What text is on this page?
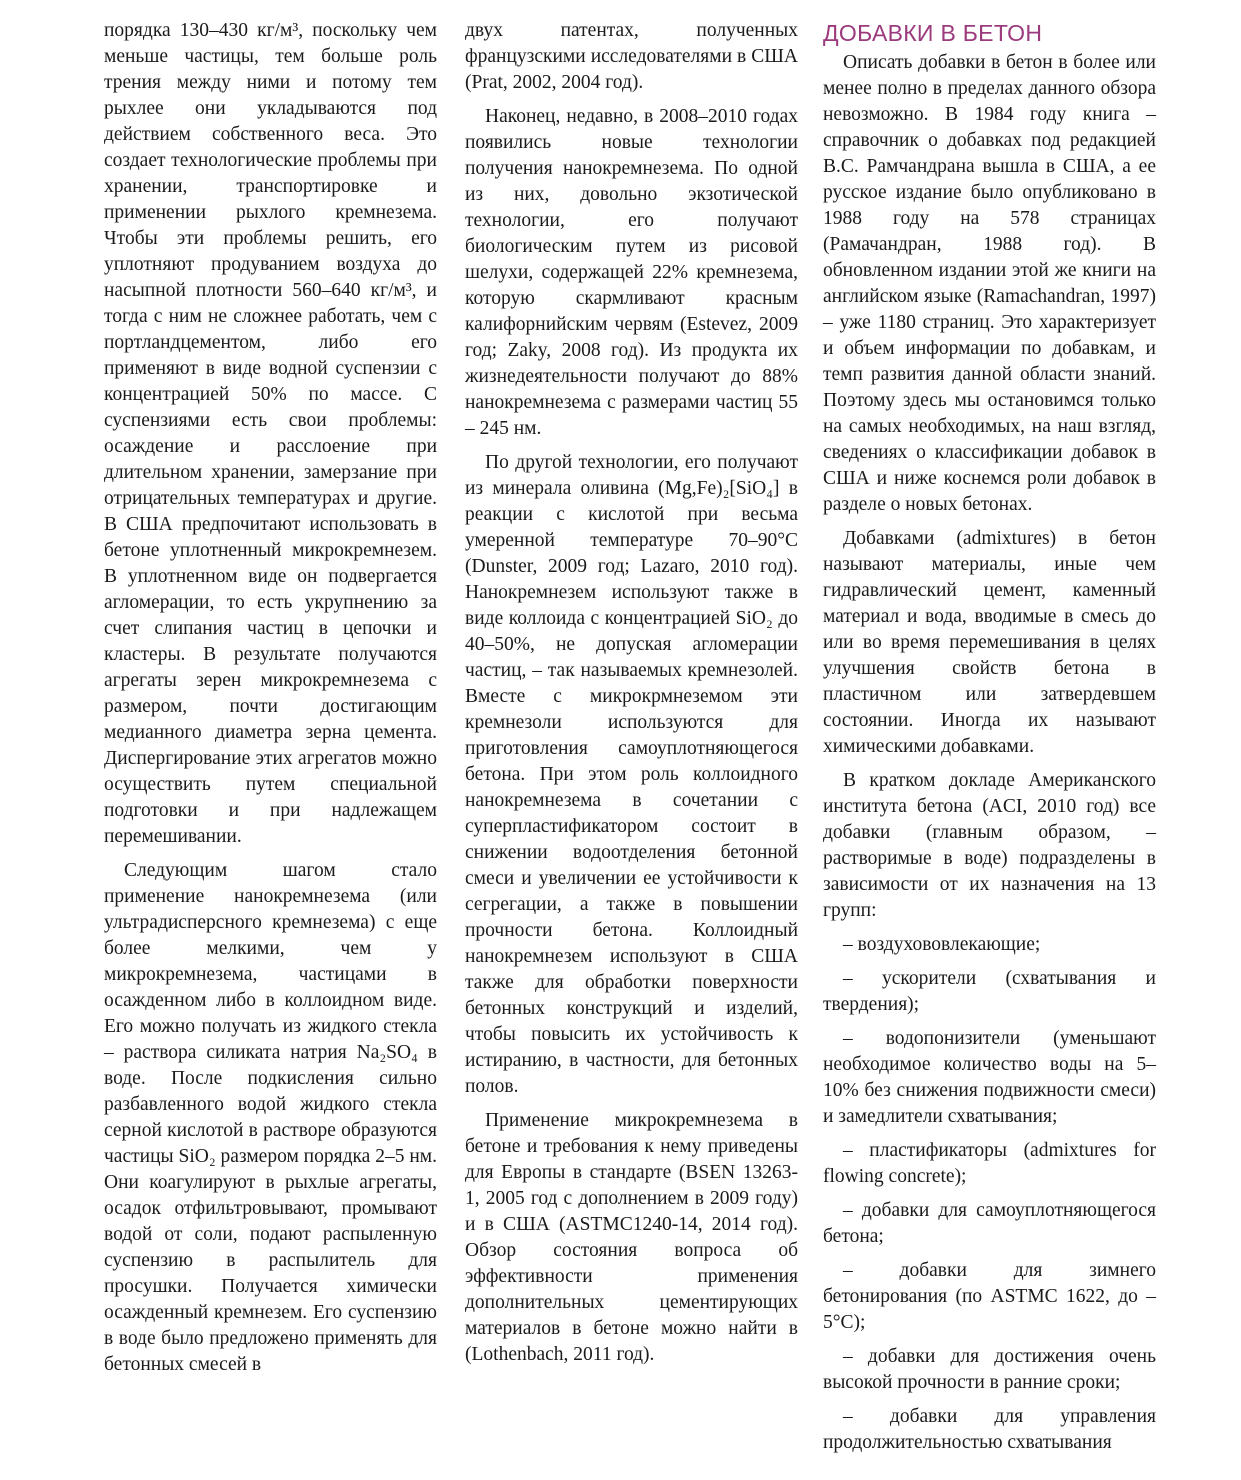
порядка 130–430 кг/м³, поскольку чем меньше частицы, тем больше роль трения между ними и потому тем рыхлее они укладываются под действием собственного веса. Это создает технологические проблемы при хранении, транспортировке и применении рыхлого кремнезема. Чтобы эти проблемы решить, его уплотняют продуванием воздуха до насыпной плотности 560–640 кг/м³, и тогда с ним не сложнее работать, чем с портландцементом, либо его применяют в виде водной суспензии с концентрацией 50% по массе. С суспензиями есть свои проблемы: осаждение и расслоение при длительном хранении, замерзание при отрицательных температурах и другие. В США предпочитают использовать в бетоне уплотненный микрокремнезем. В уплотненном виде он подвергается агломерации, то есть укрупнению за счет слипания частиц в цепочки и кластеры. В результате получаются агрегаты зерен микрокремнезема с размером, почти достигающим медианного диаметра зерна цемента. Диспергирование этих агрегатов можно осуществить путем специальной подготовки и при надлежащем перемешивании.

Следующим шагом стало применение нанокремнезема (или ультрадисперсного кремнезема) с еще более мелкими, чем у микрокремнезема, частицами в осажденном либо в коллоидном виде. Его можно получать из жидкого стекла – раствора силиката натрия Na₂SO₄ в воде. После подкисления сильно разбавленного водой жидкого стекла серной кислотой в растворе образуются частицы SiO₂ размером порядка 2–5 нм. Они коагулируют в рыхлые агрегаты, осадок отфильтровывают, промывают водой от соли, подают распыленную суспензию в распылитель для просушки. Получается химически осажденный кремнезем. Его суспензию в воде было предложено применять для бетонных смесей в

двух патентах, полученных французскими исследователями в США (Prat, 2002, 2004 год).

Наконец, недавно, в 2008–2010 годах появились новые технологии получения нанокремнезема. По одной из них, довольно экзотической технологии, его получают биологическим путем из рисовой шелухи, содержащей 22% кремнезема, которую скармливают красным калифорнийским червям (Estevez, 2009 год; Zaky, 2008 год). Из продукта их жизнедеятельности получают до 88% нанокремнезема с размерами частиц 55 – 245 нм.

По другой технологии, его получают из минерала оливина (Mg,Fe)₂[SiO₄] в реакции с кислотой при весьма умеренной температуре 70–90°С (Dunster, 2009 год; Lazaro, 2010 год). Нанокремнезем используют также в виде коллоида с концентрацией SiO₂ до 40–50%, не допуская агломерации частиц, – так называемых кремнезолей. Вместе с микрокрмнеземом эти кремнезоли используются для приготовления самоуплотняющегося бетона. При этом роль коллоидного нанокремнезема в сочетании с суперпластификатором состоит в снижении водоотделения бетонной смеси и увеличении ее устойчивости к сегрегации, а также в повышении прочности бетона. Коллоидный нанокремнезем используют в США также для обработки поверхности бетонных конструкций и изделий, чтобы повысить их устойчивость к истиранию, в частности, для бетонных полов.

Применение микрокремнезема в бетоне и требования к нему приведены для Европы в стандарте (BSEN 13263-1, 2005 год с дополнением в 2009 году) и в США (ASTMC1240-14, 2014 год). Обзор состояния вопроса об эффективности применения дополнительных цементирующих материалов в бетоне можно найти в (Lothenbach, 2011 год).

ДОБАВКИ В БЕТОН

Описать добавки в бетон в более или менее полно в пределах данного обзора невозможно. В 1984 году книга – справочник о добавках под редакцией В.С. Рамчандрана вышла в США, а ее русское издание было опубликовано в 1988 году на 578 страницах (Рамачандран, 1988 год). В обновленном издании этой же книги на английском языке (Ramachandran, 1997) – уже 1180 страниц. Это характеризует и объем информации по добавкам, и темп развития данной области знаний. Поэтому здесь мы остановимся только на самых необходимых, на наш взгляд, сведениях о классификации добавок в США и ниже коснемся роли добавок в разделе о новых бетонах.

Добавками (admixtures) в бетон называют материалы, иные чем гидравлический цемент, каменный материал и вода, вводимые в смесь до или во время перемешивания в целях улучшения свойств бетона в пластичном или затвердевшем состоянии. Иногда их называют химическими добавками.

В кратком докладе Американского института бетона (ACI, 2010 год) все добавки (главным образом, – растворимые в воде) подразделены в зависимости от их назначения на 13 групп:

– воздухововлекающие;

– ускорители (схватывания и твердения);

– водопонизители (уменьшают необходимое количество воды на 5–10% без снижения подвижности смеси) и замедлители схватывания;

– пластификаторы (admixtures for flowing concrete);

– добавки для самоуплотняющегося бетона;

– добавки для зимнего бетонирования (по ASTMC 1622, до –5°С);

– добавки для достижения очень высокой прочности в ранние сроки;

– добавки для управления продолжительностью схватывания
